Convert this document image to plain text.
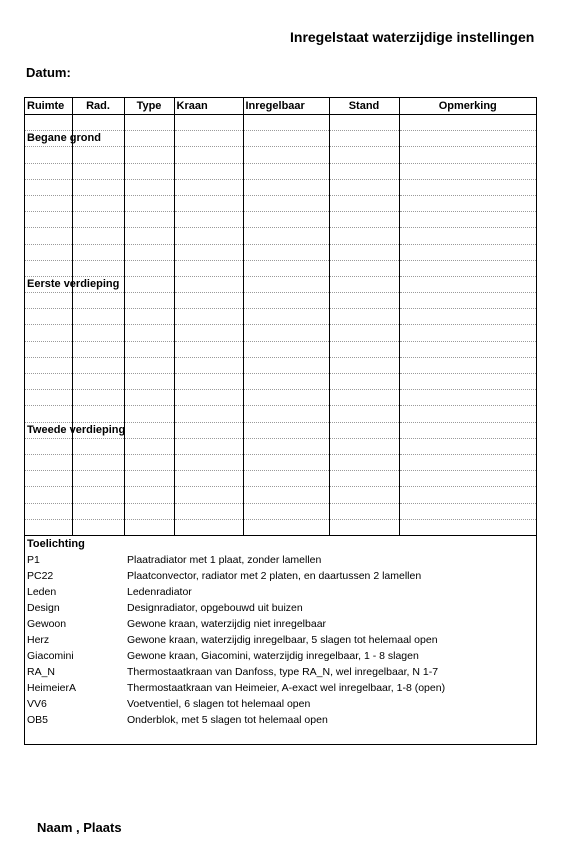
Inregelstaat waterzijdige instellingen
Datum:
Ruimte	Rad.	Type	Kraan	Inregelbaar	Stand	Opmerking

Begane grond						

Eerste verdieping						

Tweede verdieping						

Toelichting
P1	Plaatradiator met 1 plaat, zonder lamellen
PC22	Plaatconvector, radiator met 2 platen, en daartussen 2 lamellen
Leden	Ledenradiator
Design	Designradiator, opgebouwd uit buizen
Gewoon	Gewone kraan, waterzijdig niet inregelbaar
Herz	Gewone kraan, waterzijdig inregelbaar, 5 slagen tot helemaal open
Giacomini	Gewone kraan, Giacomini, waterzijdig inregelbaar, 1 - 8 slagen
RA_N	Thermostaatkraan van Danfoss, type RA_N, wel inregelbaar, N 1-7
HeimeierA	Thermostaatkraan van Heimeier, A-exact wel inregelbaar, 1-8 (open)
VV6	Voetventiel, 6 slagen tot helemaal open
OB5	Onderblok, met 5 slagen tot helemaal open
Naam , Plaats
